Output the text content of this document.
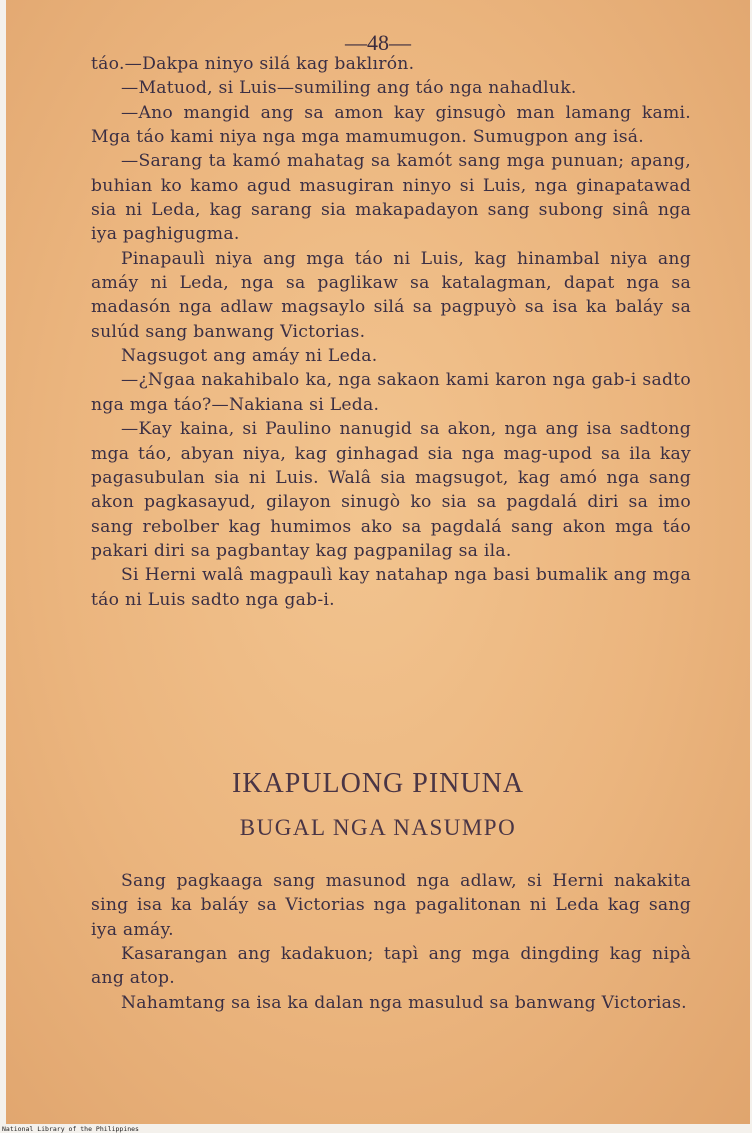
—48—

táo.—Dakpa ninyo silá kag baklırón.

—Matuod, si Luis—sumiling ang táo nga nahadluk.

—Ano mangid ang sa amon kay ginsugò man lamang kami. Mga táo kami niya nga mga mamumugon. Sumugpon ang isá.

—Sarang ta kamó mahatag sa kamót sang mga punuan; apang, buhian ko kamo agud masugiran ninyo si Luis, nga ginapatawad sia ni Leda, kag sarang sia makapadayon sang subong sinâ nga iya paghigugma.

Pinapaulì niya ang mga táo ni Luis, kag hinambal niya ang amáy ni Leda, nga sa paglikaw sa katalagman, dapat nga sa madasón nga adlaw magsaylo silá sa pagpuyò sa isa ka baláy sa sulúd sang banwang Victorias.

Nagsugot ang amáy ni Leda.

—¿Ngaa nakahibalo ka, nga sakaon kami karon nga gab-i sadto nga mga táo?—Nakiana si Leda.

—Kay kaina, si Paulino nanugid sa akon, nga ang isa sadtong mga táo, abyan niya, kag ginhagad sia nga mag-upod sa ila kay pagasubulan sia ni Luis. Walâ sia magsugot, kag amó nga sang akon pagkasayud, gilayon sinugò ko sia sa pagdalá diri sa imo sang rebolber kag humimos ako sa pagdalá sang akon mga táo pakari diri sa pagbantay kag pagpanilag sa ila.

Si Herni walâ magpaulì kay natahap nga basi bumalik ang mga táo ni Luis sadto nga gab-i.

IKAPULONG PINUNA
BUGAL NGA NASUMPO

Sang pagkaaga sang masunod nga adlaw, si Herni nakakita sing isa ka baláy sa Victorias nga pagalitonan ni Leda kag sang iya amáy.

Kasarangan ang kadakuon; tapì ang mga dingding kag nipà ang atop.

Nahamtang sa isa ka dalan nga masulud sa banwang Victorias.

National Library of the Philippines
